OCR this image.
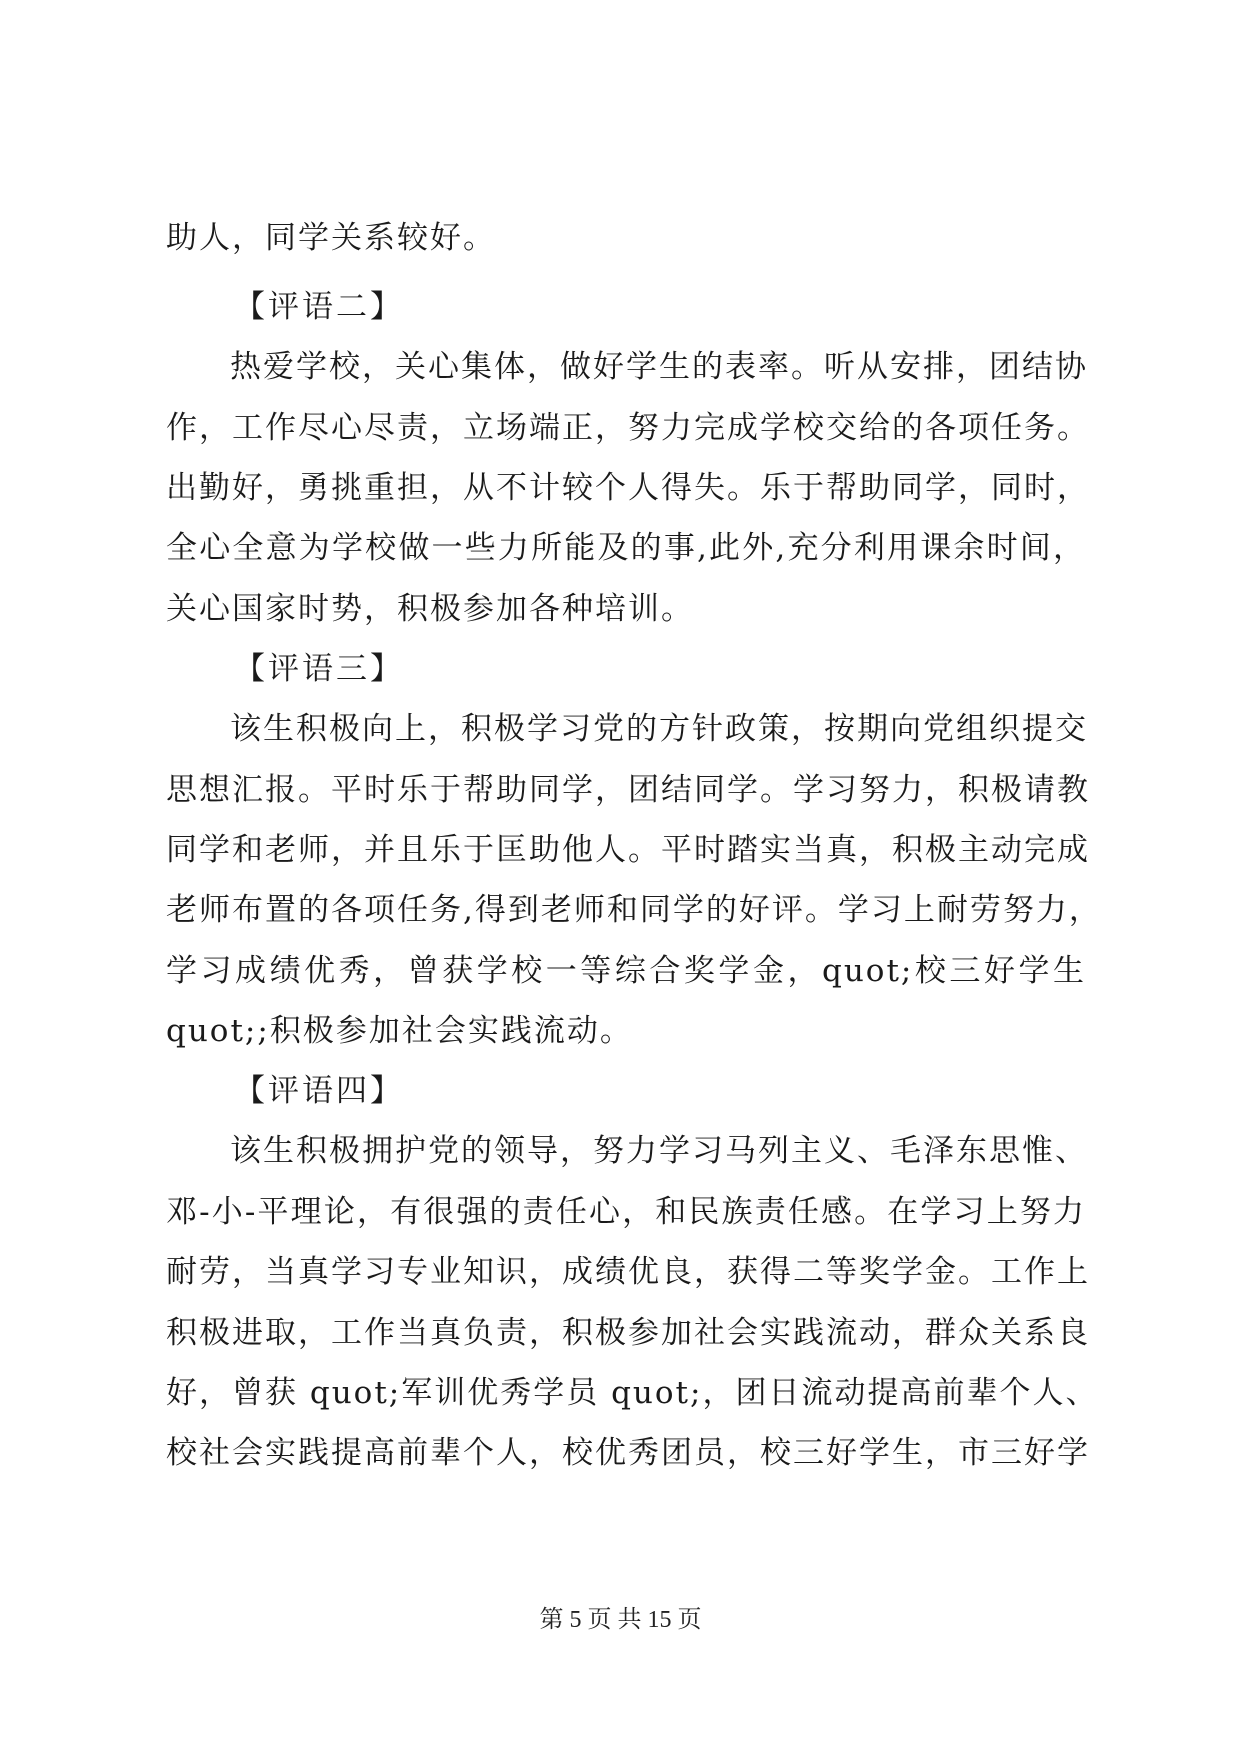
助人，同学关系较好。
【评语二】
热爱学校，关心集体，做好学生的表率。听从安排，团结协
作，工作尽心尽责，立场端正，努力完成学校交给的各项任务。
出勤好，勇挑重担，从不计较个人得失。乐于帮助同学，同时，
全心全意为学校做一些力所能及的事,此外,充分利用课余时间，
关心国家时势，积极参加各种培训。
【评语三】
该生积极向上，积极学习党的方针政策，按期向党组织提交
思想汇报。平时乐于帮助同学，团结同学。学习努力，积极请教
同学和老师，并且乐于匡助他人。平时踏实当真，积极主动完成
老师布置的各项任务,得到老师和同学的好评。学习上耐劳努力，
学习成绩优秀，曾获学校一等综合奖学金，quot;校三好学生
quot;;积极参加社会实践流动。
【评语四】
该生积极拥护党的领导，努力学习马列主义、毛泽东思惟、
邓-小-平理论，有很强的责任心，和民族责任感。在学习上努力
耐劳，当真学习专业知识，成绩优良，获得二等奖学金。工作上
积极进取，工作当真负责，积极参加社会实践流动，群众关系良
好，曾获 quot;军训优秀学员 quot;，团日流动提高前辈个人、
校社会实践提高前辈个人，校优秀团员，校三好学生，市三好学
第 5 页 共 15 页
